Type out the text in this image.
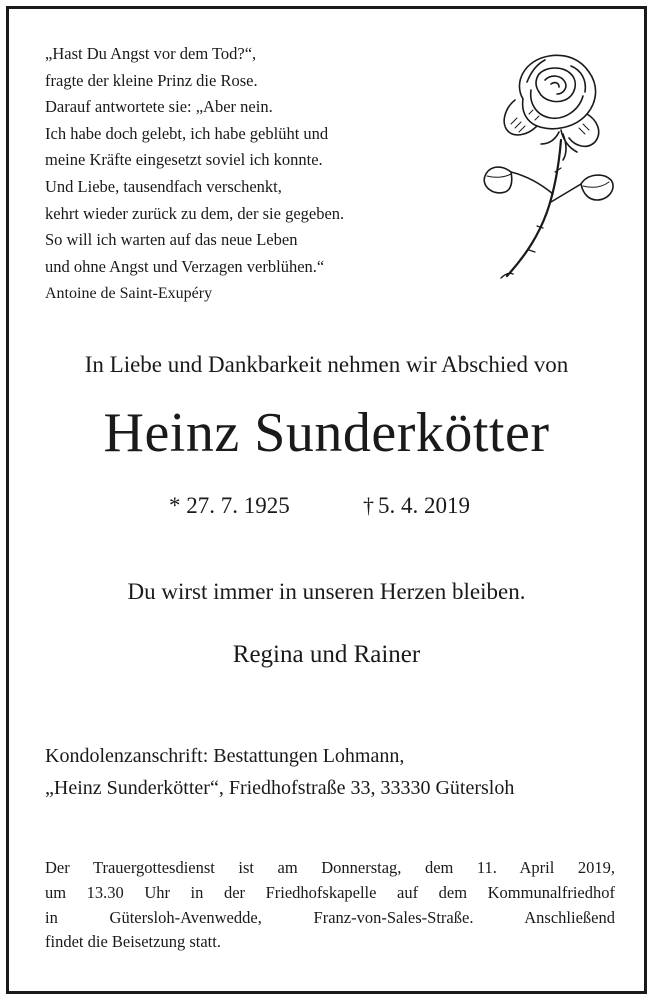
„Hast Du Angst vor dem Tod?“,
fragte der kleine Prinz die Rose.
Darauf antwortete sie: „Aber nein.
Ich habe doch gelebt, ich habe geblüht und
meine Kräfte eingesetzt soviel ich konnte.
Und Liebe, tausendfach verschenkt,
kehrt wieder zurück zu dem, der sie gegeben.
So will ich warten auf das neue Leben
und ohne Angst und Verzagen verblühen.“
Antoine de Saint-Exupéry
In Liebe und Dankbarkeit nehmen wir Abschied von
Heinz Sunderkötter
* 27. 7. 1925	† 5. 4. 2019
Du wirst immer in unseren Herzen bleiben.
Regina und Rainer
Kondolenzanschrift: Bestattungen Lohmann,
„Heinz Sunderkötter“, Friedhofstraße 33, 33330 Gütersloh
Der Trauergottesdienst ist am Donnerstag, dem 11. April 2019,
um 13.30 Uhr in der Friedhofskapelle auf dem Kommunalfriedhof
in Gütersloh-Avenwedde, Franz-von-Sales-Straße. Anschließend
findet die Beisetzung statt.
